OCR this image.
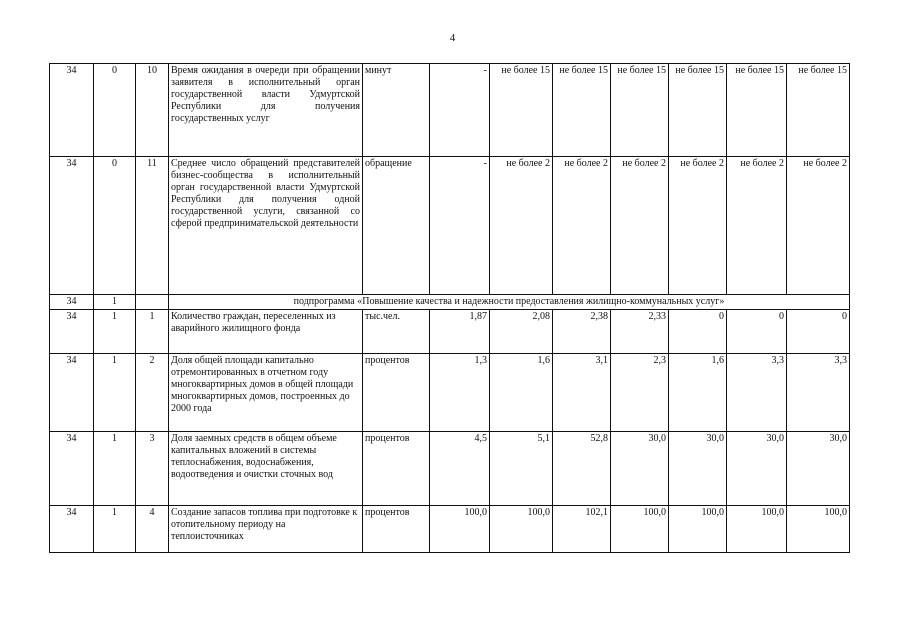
4
34	0	10	Время ожидания в очереди при обращении заявителя в исполнительный орган государственной власти Удмуртской Республики для получения государственных услуг	минут	-	не более 15	не более 15	не более 15	не более 15	не более 15	не более 15
34	0	11	Среднее число обращений представителей бизнес-сообщества в исполнительный орган государственной власти Удмуртской Республики для получения одной государственной услуги, связанной со сферой предпринимательской деятельности	обращение	-	не более 2	не более 2	не более 2	не более 2	не более 2	не более 2
34	1		подпрограмма «Повышение качества и надежности предоставления жилищно-коммунальных услуг»								
34	1	1	Количество граждан, переселенных из аварийного жилищного фонда	тыс.чел.	1,87	2,08	2,38	2,33	0	0	0
34	1	2	Доля общей площади капитально отремонтированных в отчетном году многоквартирных домов в общей площади многоквартирных домов, построенных до 2000 года	процентов	1,3	1,6	3,1	2,3	1,6	3,3	3,3
34	1	3	Доля заемных средств в общем объеме капитальных вложений в системы теплоснабжения, водоснабжения, водоотведения и очистки сточных вод	процентов	4,5	5,1	52,8	30,0	30,0	30,0	30,0
34	1	4	Создание запасов топлива при подготовке к отопительному периоду на теплоисточниках	процентов	100,0	100,0	102,1	100,0	100,0	100,0	100,0
